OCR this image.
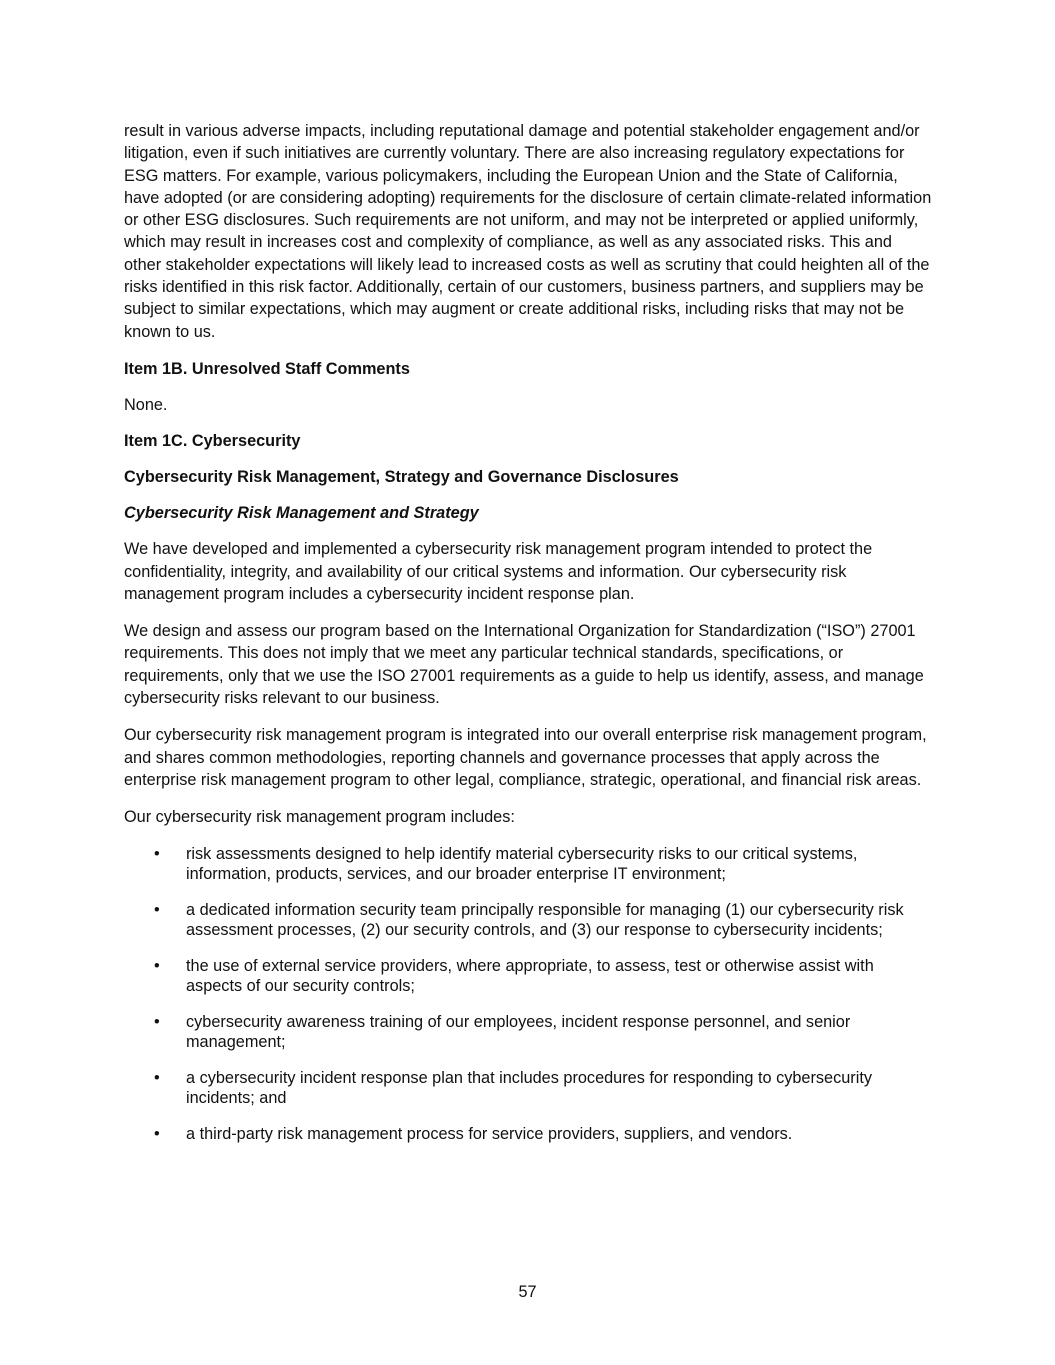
result in various adverse impacts, including reputational damage and potential stakeholder engagement and/or litigation, even if such initiatives are currently voluntary. There are also increasing regulatory expectations for ESG matters. For example, various policymakers, including the European Union and the State of California, have adopted (or are considering adopting) requirements for the disclosure of certain climate-related information or other ESG disclosures. Such requirements are not uniform, and may not be interpreted or applied uniformly, which may result in increases cost and complexity of compliance, as well as any associated risks. This and other stakeholder expectations will likely lead to increased costs as well as scrutiny that could heighten all of the risks identified in this risk factor. Additionally, certain of our customers, business partners, and suppliers may be subject to similar expectations, which may augment or create additional risks, including risks that may not be known to us.

Item 1B. Unresolved Staff Comments

None.

Item 1C. Cybersecurity

Cybersecurity Risk Management, Strategy and Governance Disclosures

Cybersecurity Risk Management and Strategy

We have developed and implemented a cybersecurity risk management program intended to protect the confidentiality, integrity, and availability of our critical systems and information. Our cybersecurity risk management program includes a cybersecurity incident response plan.

We design and assess our program based on the International Organization for Standardization (“ISO”) 27001 requirements. This does not imply that we meet any particular technical standards, specifications, or requirements, only that we use the ISO 27001 requirements as a guide to help us identify, assess, and manage cybersecurity risks relevant to our business.

Our cybersecurity risk management program is integrated into our overall enterprise risk management program, and shares common methodologies, reporting channels and governance processes that apply across the enterprise risk management program to other legal, compliance, strategic, operational, and financial risk areas.

Our cybersecurity risk management program includes:

• risk assessments designed to help identify material cybersecurity risks to our critical systems, information, products, services, and our broader enterprise IT environment;
• a dedicated information security team principally responsible for managing (1) our cybersecurity risk assessment processes, (2) our security controls, and (3) our response to cybersecurity incidents;
• the use of external service providers, where appropriate, to assess, test or otherwise assist with aspects of our security controls;
• cybersecurity awareness training of our employees, incident response personnel, and senior management;
• a cybersecurity incident response plan that includes procedures for responding to cybersecurity incidents; and
• a third-party risk management process for service providers, suppliers, and vendors.
57
